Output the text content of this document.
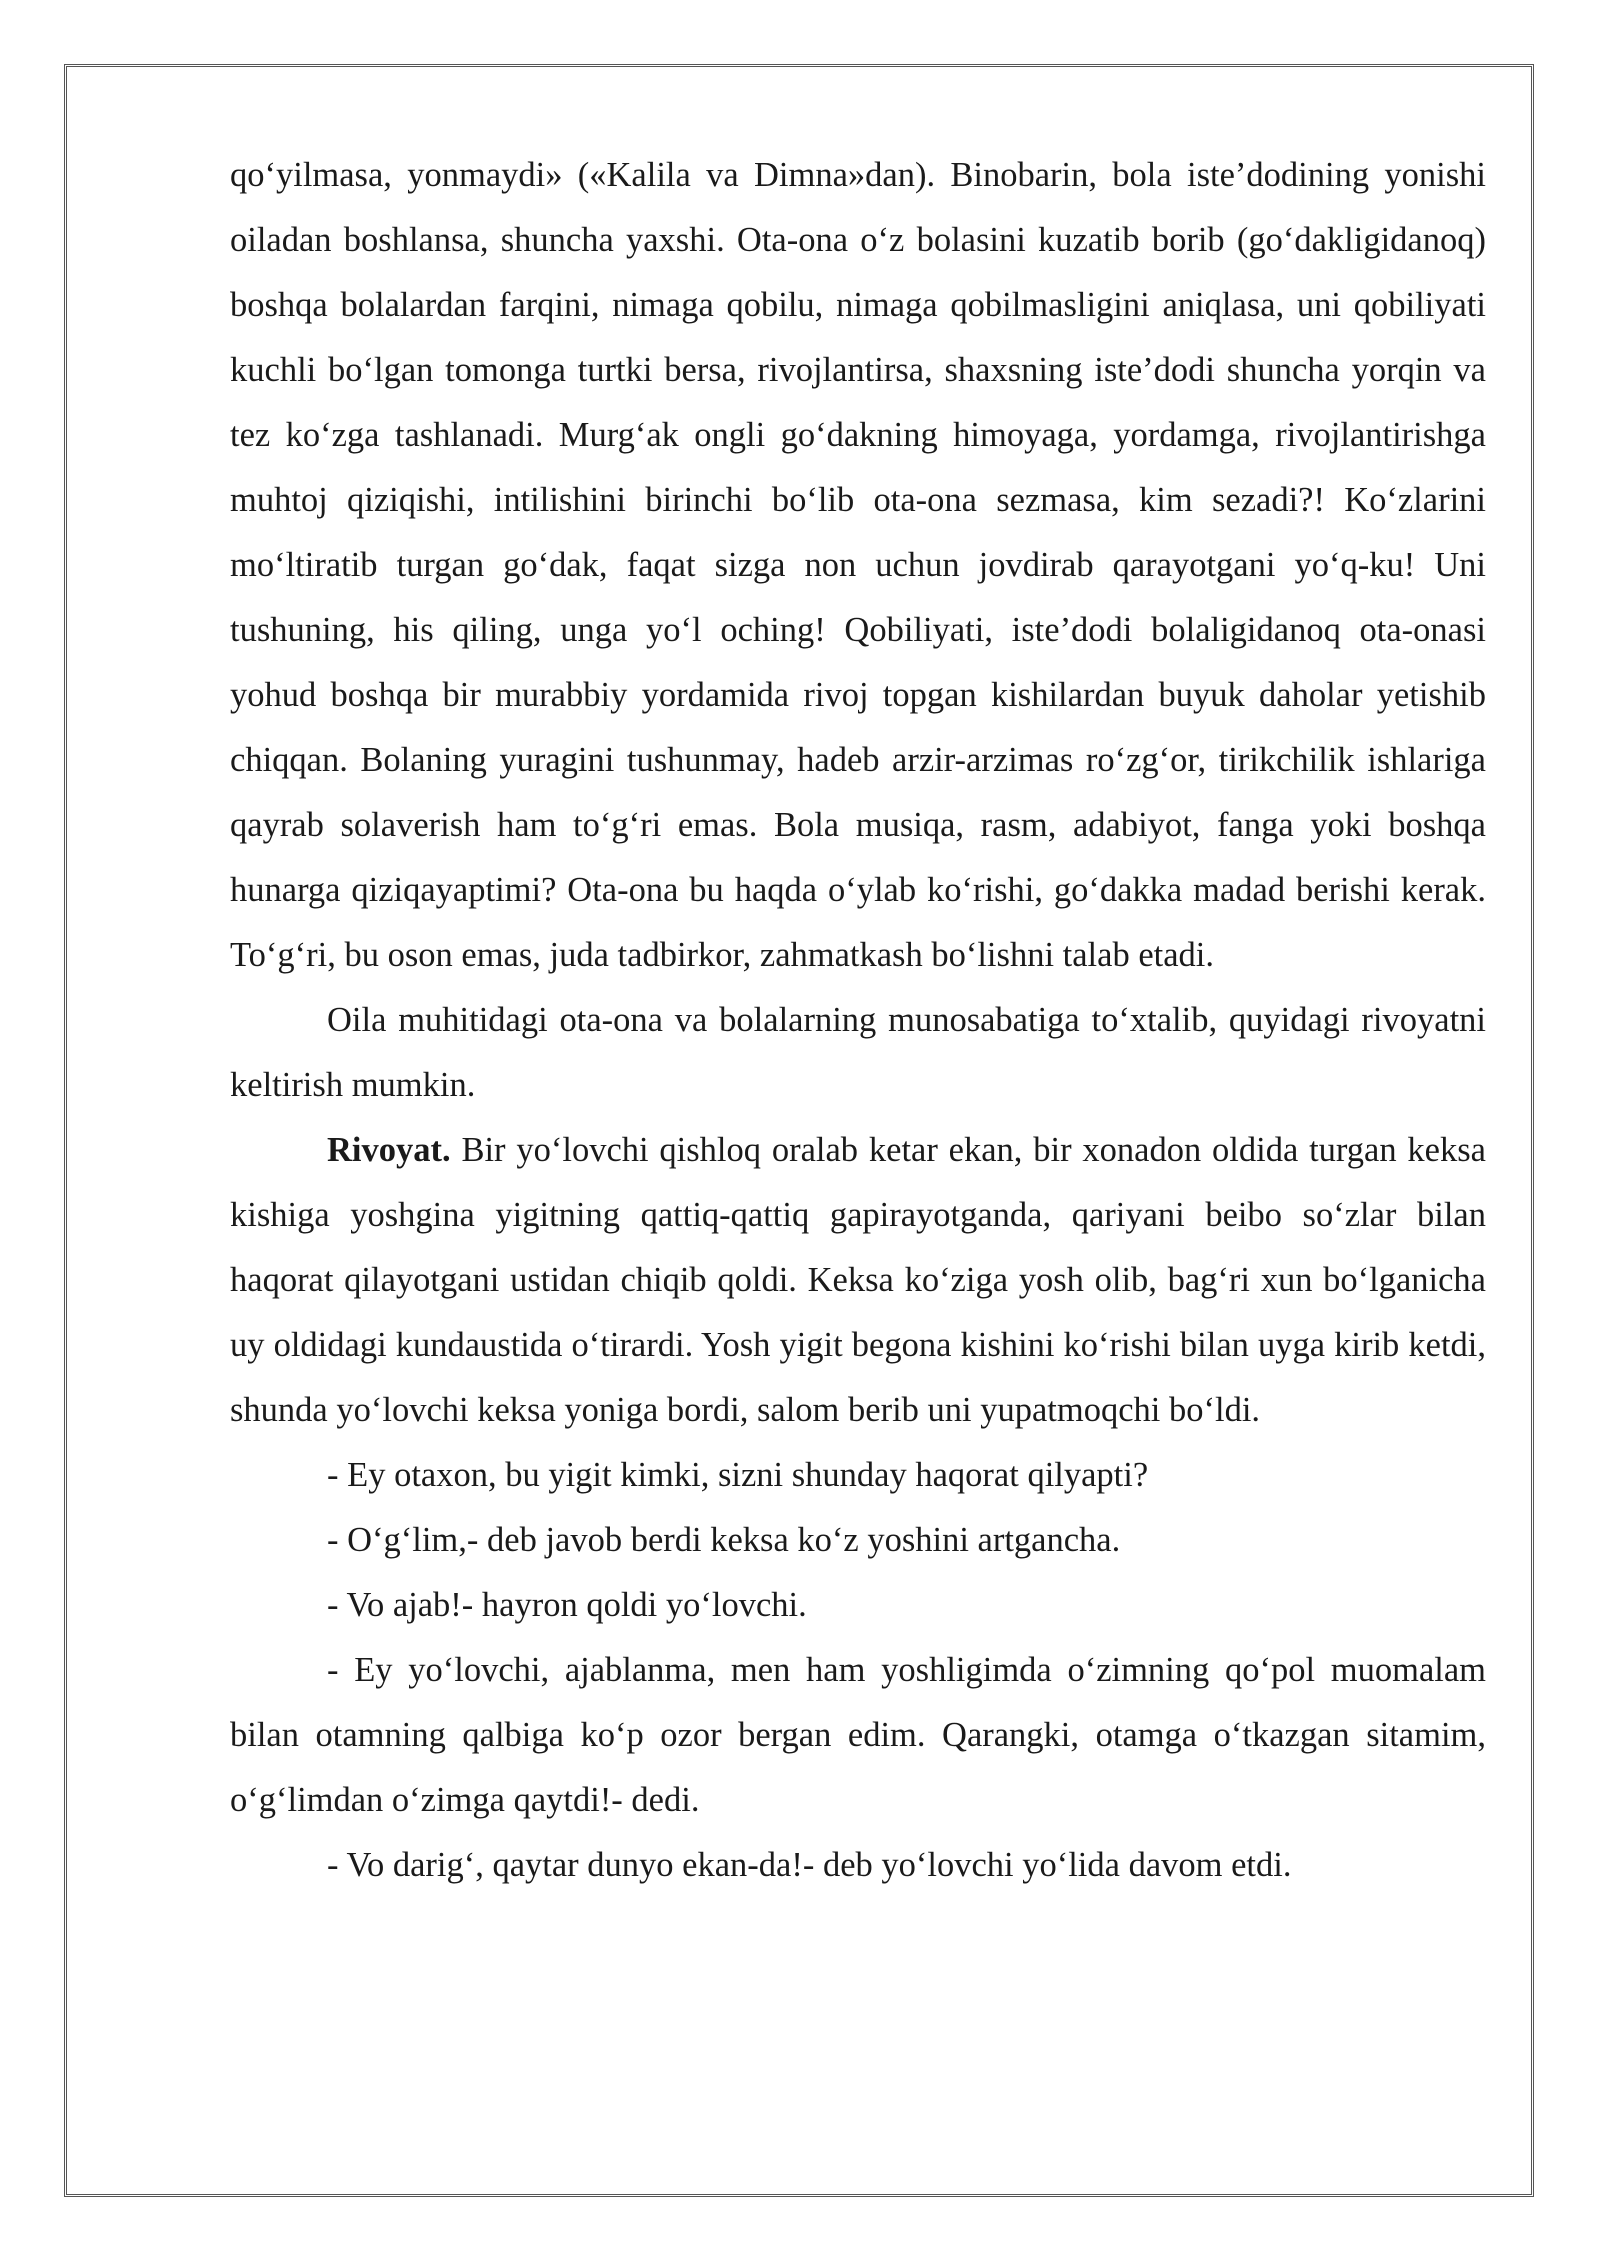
qo‘yilmasa, yonmaydi» («Kalila va Dimna»dan). Binobarin, bola iste’dodining yonishi oiladan boshlansa, shuncha yaxshi. Ota-ona o‘z bolasini kuzatib borib (go‘dakligidanoq) boshqa bolalardan farqini, nimaga qobilu, nimaga qobilmasligini aniqlasa, uni qobiliyati kuchli bo‘lgan tomonga turtki bersa, rivojlantirsa, shaxsning iste’dodi shuncha yorqin va tez ko‘zga tashlanadi. Murg‘ak ongli go‘dakning himoyaga, yordamga, rivojlantirishga muhtoj qiziqishi, intilishini birinchi bo‘lib ota-ona sezmasa, kim sezadi?! Ko‘zlarini mo‘ltiratib turgan go‘dak, faqat sizga non uchun jovdirab qarayotgani yo‘q-ku! Uni tushuning, his qiling, unga yo‘l oching! Qobiliyati, iste’dodi bolaligidanoq ota-onasi yohud boshqa bir murabbiy yordamida rivoj topgan kishilardan buyuk daholar yetishib chiqqan. Bolaning yuragini tushunmay, hadeb arzir-arzimas ro‘zg‘or, tirikchilik ishlariga qayrab solaverish ham to‘g‘ri emas. Bola musiqa, rasm, adabiyot, fanga yoki boshqa hunarga qiziqayaptimi? Ota-ona bu haqda o‘ylab ko‘rishi, go‘dakka madad berishi kerak. To‘g‘ri, bu oson emas, juda tadbirkor, zahmatkash bo‘lishni talab etadi.

Oila muhitidagi ota-ona va bolalarning munosabatiga to‘xtalib, quyidagi rivoyatni keltirish mumkin.

Rivoyat. Bir yo‘lovchi qishloq oralab ketar ekan, bir xonadon oldida turgan keksa kishiga yoshgina yigitning qattiq-qattiq gapirayotganda, qariyani beibo so‘zlar bilan haqorat qilayotgani ustidan chiqib qoldi. Keksa ko‘ziga yosh olib, bag‘ri xun bo‘lganicha uy oldidagi kundaustida o‘tirardi. Yosh yigit begona kishini ko‘rishi bilan uyga kirib ketdi, shunda yo‘lovchi keksa yoniga bordi, salom berib uni yupatmoqchi bo‘ldi.

- Ey otaxon, bu yigit kimki, sizni shunday haqorat qilyapti?

- O‘g‘lim,- deb javob berdi keksa ko‘z yoshini artgancha.

- Vo ajab!- hayron qoldi yo‘lovchi.

- Ey yo‘lovchi, ajablanma, men ham yoshligimda o‘zimning qo‘pol muomalam bilan otamning qalbiga ko‘p ozor bergan edim. Qarangki, otamga o‘tkazgan sitamim, o‘g‘limdan o‘zimga qaytdi!- dedi.

- Vo darig‘, qaytar dunyo ekan-da!- deb yo‘lovchi yo‘lida davom etdi.
